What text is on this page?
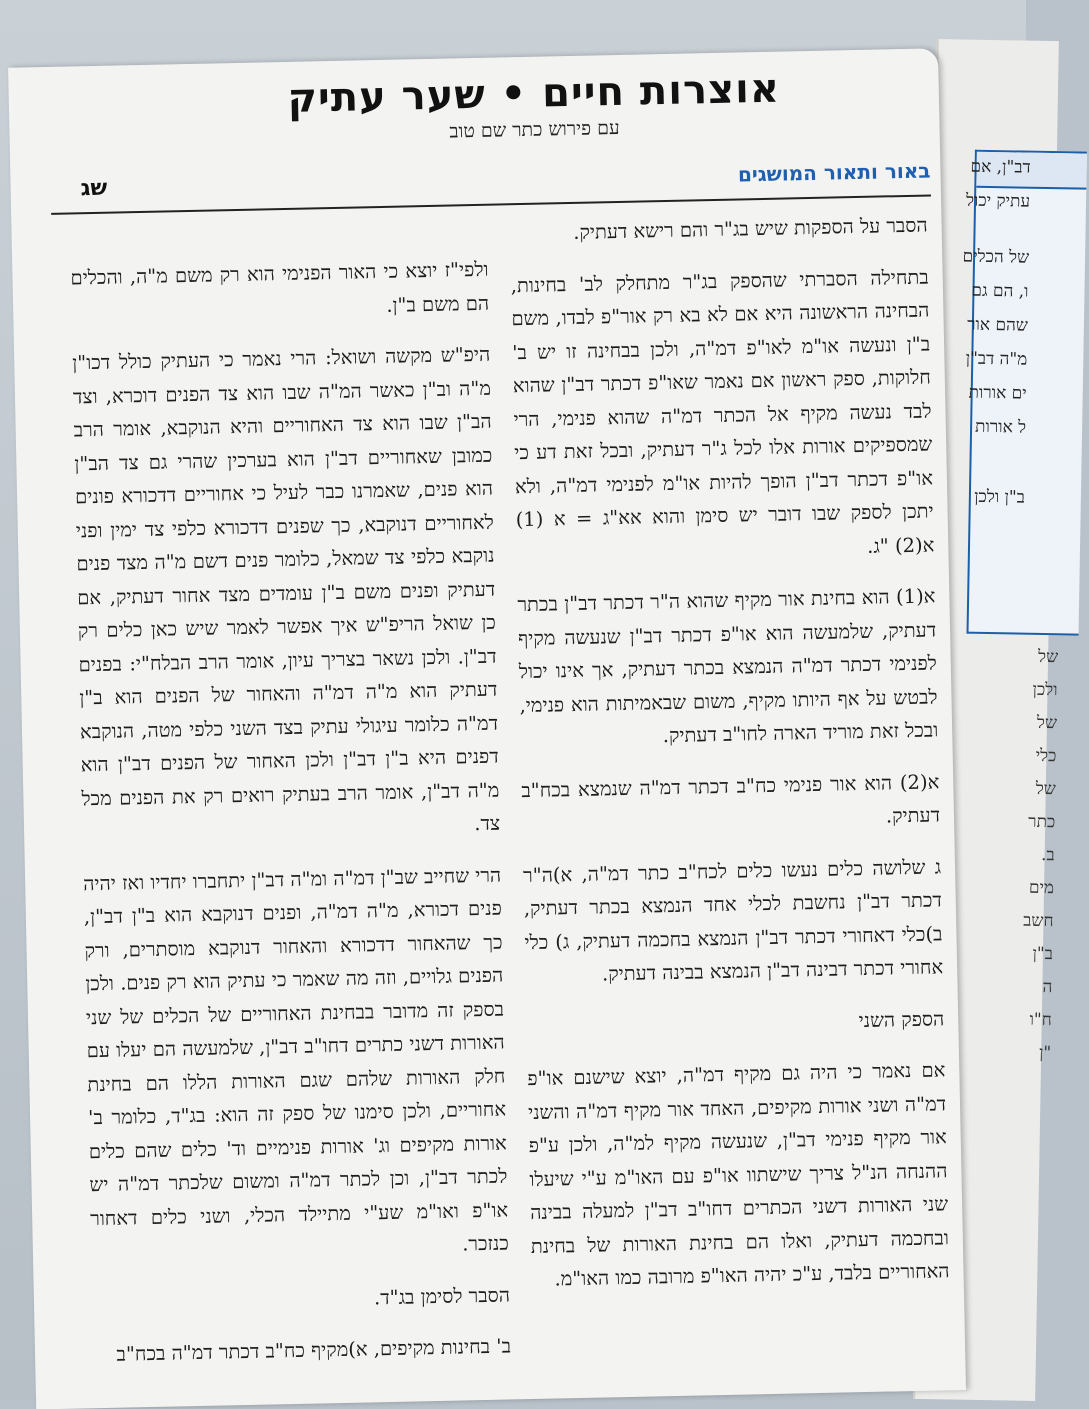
דב"ן, אם
עתיק יכול
של הכלים
ו, הם גם
שהם אור
מ"ה דב"ן
ים אורות
ל אורות
ב"ן ולכן
של
ולכן
של
כלי
של
כתר
ב.
מים
חשב
ב"ן
ה
ח"ו
"ן
אוצרות חיים • שער עתיק
עם פירוש כתר שם טוב
באור ותאור המושגים
שג

הסבר על הספקות שיש בג"ר והם רישא דעתיק.

בתחילה הסברתי שהספק בג"ר מתחלק לב' בחינות, הבחינה הראשונה היא אם לא בא רק אור"פ לבדו, משם ב"ן ונעשה או"מ לאו"פ דמ"ה, ולכן בבחינה זו יש ב' חלוקות, ספק ראשון אם נאמר שאו"פ דכתר דב"ן שהוא לבד נעשה מקיף אל הכתר דמ"ה שהוא פנימי, הרי שמספיקים אורות אלו לכל ג"ר דעתיק, ובכל זאת דע כי או"פ דכתר דב"ן הופך להיות או"מ לפנימי דמ"ה, ולא יתכן לספק שבו דובר יש סימן והוא אא"ג = א (1) א(2) "ג.

א(1) הוא בחינת אור מקיף שהוא ה"ר דכתר דב"ן בכתר דעתיק, שלמעשה הוא או"פ דכתר דב"ן שנעשה מקיף לפנימי דכתר דמ"ה הנמצא בכתר דעתיק, אך אינו יכול לבטש על אף היותו מקיף, משום שבאמיתות הוא פנימי, ובכל זאת מוריד הארה לחו"ב דעתיק.

א(2) הוא אור פנימי כח"ב דכתר דמ"ה שנמצא בכח"ב דעתיק.

ג שלושה כלים נעשו כלים לכח"ב כתר דמ"ה, א)ה"ר דכתר דב"ן נחשבת לכלי אחד הנמצא בכתר דעתיק, ב)כלי דאחורי דכתר דב"ן הנמצא בחכמה דעתיק, ג) כלי אחורי דכתר דבינה דב"ן הנמצא בבינה דעתיק.

הספק השני

אם נאמר כי היה גם מקיף דמ"ה, יוצא שישנם או"פ דמ"ה ושני אורות מקיפים, האחד אור מקיף דמ"ה והשני אור מקיף פנימי דב"ן, שנעשה מקיף למ"ה, ולכן ע"פ ההנחה הנ"ל צריך שישתוו או"פ עם האו"מ ע"י שיעלו שני האורות דשני הכתרים דחו"ב דב"ן למעלה בבינה ובחכמה דעתיק, ואלו הם בחינת האורות של בחינת האחוריים בלבד, ע"כ יהיה האו"פ מרובה כמו האו"מ.

ולפי"ז יוצא כי האור הפנימי הוא רק משם מ"ה, והכלים הם משם ב"ן.

היפ"ש מקשה ושואל: הרי נאמר כי העתיק כולל דכו"ן מ"ה וב"ן כאשר המ"ה שבו הוא צד הפנים דוכרא, וצד הב"ן שבו הוא צד האחוריים והיא הנוקבא, אומר הרב כמובן שאחוריים דב"ן הוא בערכין שהרי גם צד הב"ן הוא פנים, שאמרנו כבר לעיל כי אחוריים דדכורא פונים לאחוריים דנוקבא, כך שפנים דדכורא כלפי צד ימין ופני נוקבא כלפי צד שמאל, כלומר פנים דשם מ"ה מצד פנים דעתיק ופנים משם ב"ן עומדים מצד אחור דעתיק, אם כן שואל הריפ"ש איך אפשר לאמר שיש כאן כלים רק דב"ן. ולכן נשאר בצריך עיון, אומר הרב הבלח"י: בפנים דעתיק הוא מ"ה דמ"ה והאחור של הפנים הוא ב"ן דמ"ה כלומר עיגולי עתיק בצד השני כלפי מטה, הנוקבא דפנים היא ב"ן דב"ן ולכן האחור של הפנים דב"ן הוא מ"ה דב"ן, אומר הרב בעתיק רואים רק את הפנים מכל צד.

הרי שחייב שב"ן דמ"ה ומ"ה דב"ן יתחברו יחדיו ואז יהיה פנים דכורא, מ"ה דמ"ה, ופנים דנוקבא הוא ב"ן דב"ן, כך שהאחור דדכורא והאחור דנוקבא מוסתרים, ורק הפנים גלויים, וזה מה שאמר כי עתיק הוא רק פנים. ולכן בספק זה מדובר בבחינת האחוריים של הכלים של שני האורות דשני כתרים דחו"ב דב"ן, שלמעשה הם יעלו עם חלק האורות שלהם שגם האורות הללו הם בחינת אחוריים, ולכן סימנו של ספק זה הוא: בג"ד, כלומר ב' אורות מקיפים וג' אורות פנימיים וד' כלים שהם כלים לכתר דב"ן, וכן לכתר דמ"ה ומשום שלכתר דמ"ה יש או"פ ואו"מ שע"י מתיילד הכלי, ושני כלים דאחור כנזכר.

הסבר לסימן בג"ד.

ב' בחינות מקיפים, א)מקיף כח"ב דכתר דמ"ה בכח"ב
